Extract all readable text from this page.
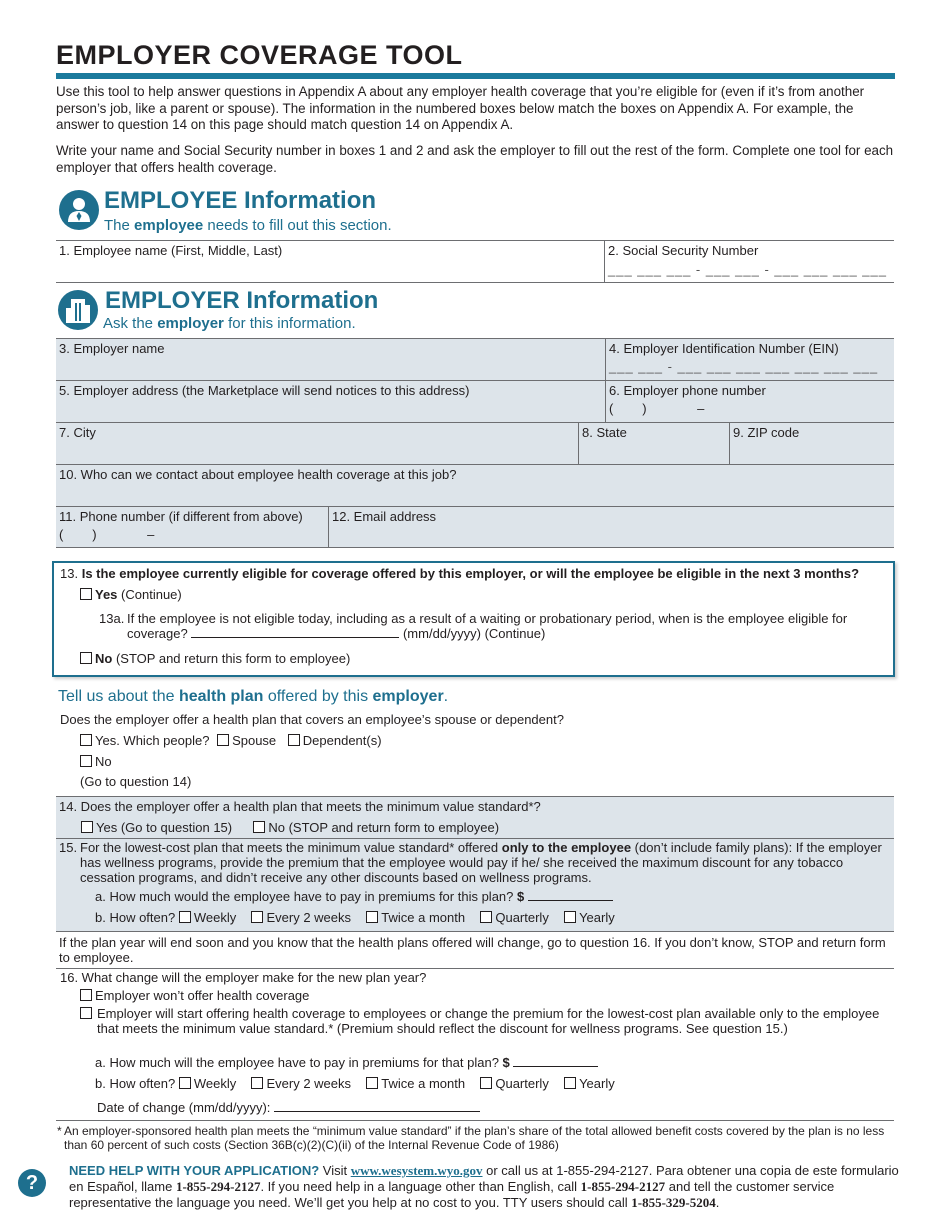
EMPLOYER COVERAGE TOOL
Use this tool to help answer questions in Appendix A about any employer health coverage that you’re eligible for (even if it’s from another person’s job, like a parent or spouse). The information in the numbered boxes below match the boxes on Appendix A. For example, the answer to question 14 on this page should match question 14 on Appendix A.
Write your name and Social Security number in boxes 1 and 2 and ask the employer to fill out the rest of the form. Complete one tool for each employer that offers health coverage.
EMPLOYEE Information
The employee needs to fill out this section.
1. Employee name (First, Middle, Last)	2. Social Security Number
___ ___ ___ - ___ ___ - ___ ___ ___ ___
EMPLOYER Information
Ask the employer for this information.
3. Employer name	4. Employer Identification Number (EIN)
___ ___ - ___ ___ ___ ___ ___ ___ ___
5. Employer address (the Marketplace will send notices to this address)	6. Employer phone number
(        )              –
7. City	8. State	9. ZIP code
10. Who can we contact about employee health coverage at this job?
11. Phone number (if different from above)
(        )              –
12. Email address
13. Is the employee currently eligible for coverage offered by this employer, or will the employee be eligible in the next 3 months?
Yes (Continue)
13a. If the employee is not eligible today, including as a result of a waiting or probationary period, when is the employee eligible for coverage?	(mm/dd/yyyy) (Continue)
No (STOP and return this form to employee)
Tell us about the health plan offered by this employer.
Does the employer offer a health plan that covers an employee’s spouse or dependent?
Yes. Which people? Spouse Dependent(s)
No
(Go to question 14)
14. Does the employer offer a health plan that meets the minimum value standard*?
Yes (Go to question 15)	No (STOP and return form to employee)
15. For the lowest-cost plan that meets the minimum value standard* offered only to the employee (don’t include family plans): If the employer has wellness programs, provide the premium that the employee would pay if he/ she received the maximum discount for any tobacco cessation programs, and didn’t receive any other discounts based on wellness programs.
a. How much would the employee have to pay in premiums for this plan? $
b. How often? Weekly Every 2 weeks Twice a month Quarterly Yearly
If the plan year will end soon and you know that the health plans offered will change, go to question 16. If you don’t know, STOP and return form to employee.
16. What change will the employer make for the new plan year?
Employer won’t offer health coverage
Employer will start offering health coverage to employees or change the premium for the lowest-cost plan available only to the employee that meets the minimum value standard.* (Premium should reflect the discount for wellness programs. See question 15.)
a. How much will the employee have to pay in premiums for that plan? $
b. How often? Weekly Every 2 weeks Twice a month Quarterly Yearly
Date of change (mm/dd/yyyy):
* An employer-sponsored health plan meets the “minimum value standard” if the plan’s share of the total allowed benefit costs covered by the plan is no less than 60 percent of such costs (Section 36B(c)(2)(C)(ii) of the Internal Revenue Code of 1986)
?
NEED HELP WITH YOUR APPLICATION? Visit www.wesystem.wyo.gov or call us at 1-855-294-2127. Para obtener una copia de este formulario en Español, llame 1-855-294-2127. If you need help in a language other than English, call 1-855-294-2127 and tell the customer service representative the language you need. We’ll get you help at no cost to you. TTY users should call 1-855-329-5204.
